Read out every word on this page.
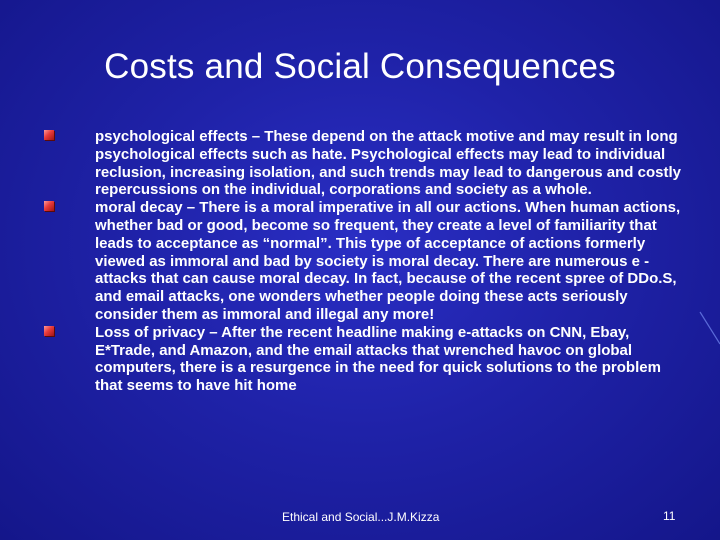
Costs and Social Consequences
psychological effects – These depend on the attack motive and may result in long psychological effects such as hate. Psychological effects may lead to individual reclusion, increasing isolation, and such trends may lead to dangerous and costly repercussions on the individual, corporations and society as a whole.
moral decay – There is a moral imperative in all our actions. When human actions, whether bad or good, become so frequent, they create a level of familiarity that leads to acceptance as “normal”. This type of acceptance of actions formerly viewed as immoral and bad by society is moral decay. There are numerous e -attacks that can cause moral decay. In fact, because of the recent spree of DDo.S, and email attacks, one wonders whether people doing these acts seriously consider them as immoral and illegal any more!
Loss of privacy – After the recent headline making e-attacks on CNN, Ebay, E*Trade, and Amazon, and the email attacks that wrenched havoc on global computers, there is a resurgence in the need for quick solutions to the problem that seems to have hit home
Ethical and Social...J.M.Kizza	11
